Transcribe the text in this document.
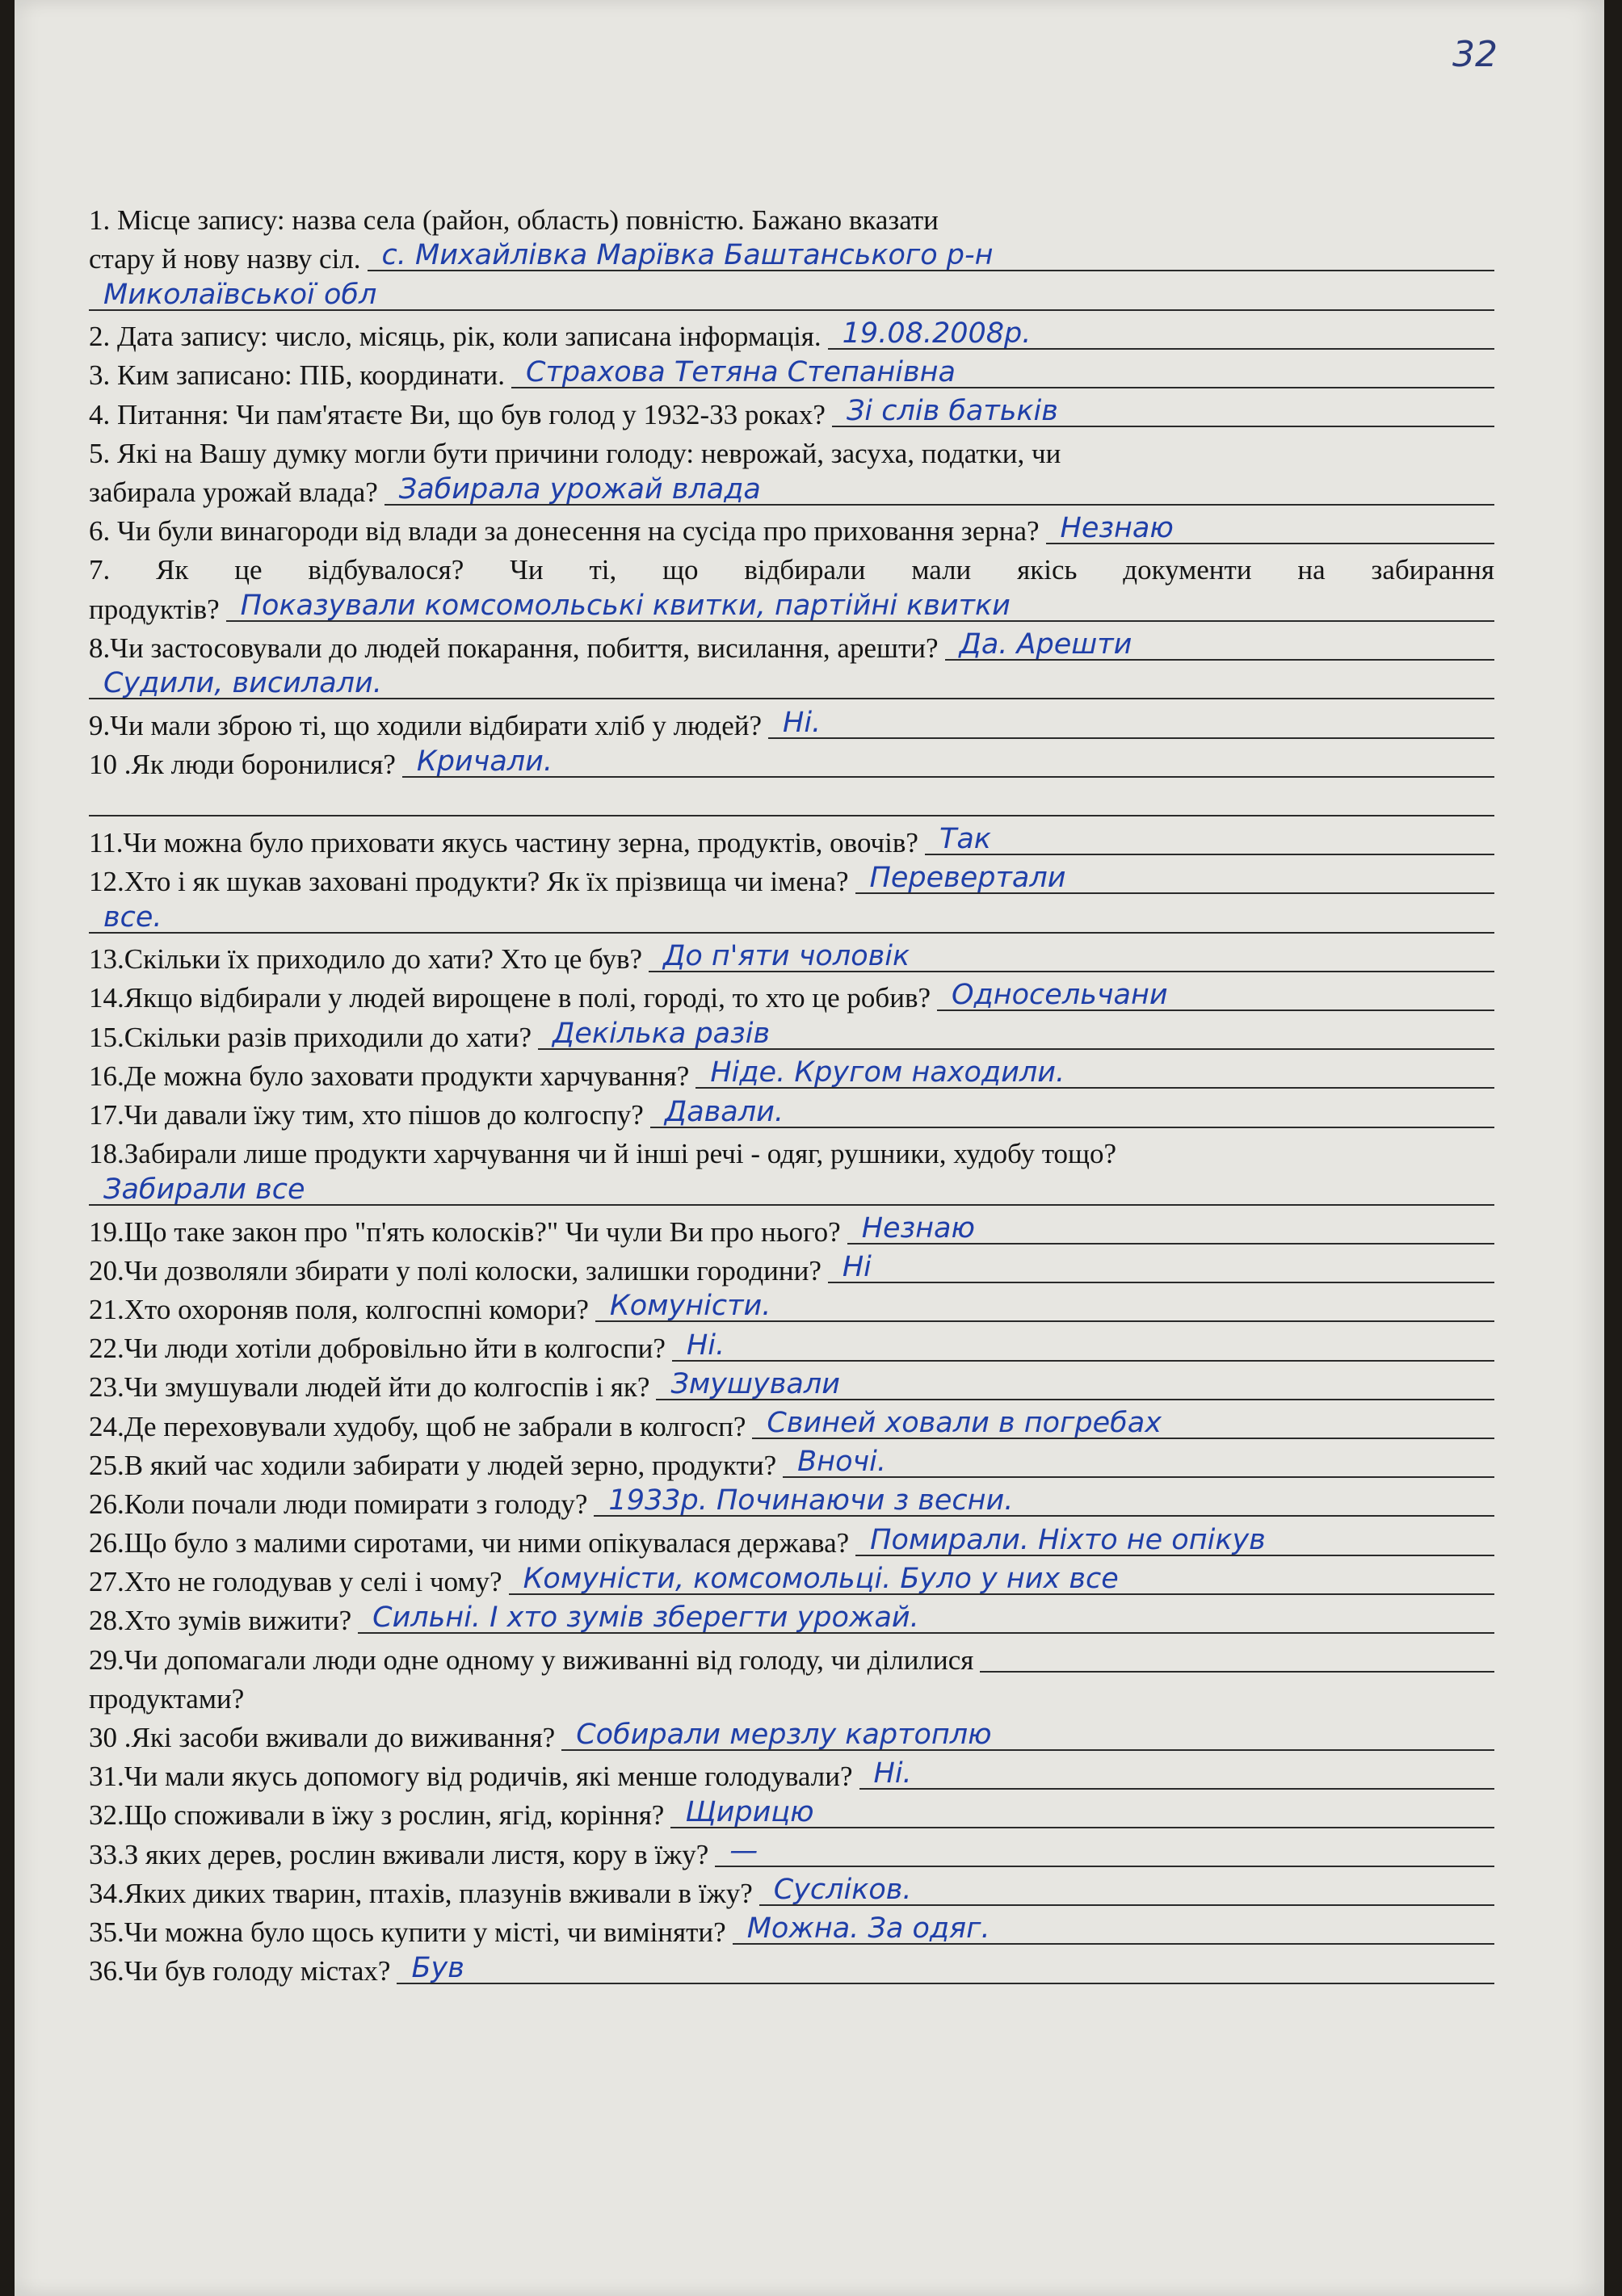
32
1. Місце запису: назва села (район, область) повністю. Бажано вказати
стару й нову назву сіл. с. Михайлівка Марївка Баштанського р-н
Миколаївської обл
2. Дата запису: число, місяць, рік, коли записана інформація. 19.08.2008р.
3. Ким записано: ПІБ, координати. Страхова Тетяна Степанівна
4. Питання: Чи пам'ятаєте Ви, що був голод у 1932-33 роках? Зі слів батьків
5. Які на Вашу думку могли бути причини голоду: неврожай, засуха, податки, чи
забирала урожай влада? Забирала урожай влада
6. Чи були винагороди від влади за донесення на сусіда про приховання зерна? Незнаю
7. Як це відбувалося? Чи ті, що відбирали мали якісь документи на забирання
продуктів? Показували комсомольські квитки, партійні квитки
8.Чи застосовували до людей покарання, побиття, висилання, арешти? Да. Арешти
Судили, висилали.
9.Чи мали зброю ті, що ходили відбирати хліб у людей? Ні.
10 .Як люди боронилися? Кричали.
11.Чи можна було приховати якусь частину зерна, продуктів, овочів? Так
12.Хто і як шукав заховані продукти? Як їх прізвища чи імена? Перевертали
все.
13.Скільки їх приходило до хати? Хто це був? До п'яти чоловік
14.Якщо відбирали у людей вирощене в полі, городі, то хто це робив? Односельчани
15.Скільки разів приходили до хати? Декілька разів
16.Де можна було заховати продукти харчування? Ніде. Кругом находили.
17.Чи давали їжу тим, хто пішов до колгоспу? Давали.
18.Забирали лише продукти харчування чи й інші речі - одяг, рушники, худобу тощо?
Забирали все
19.Що таке закон про "п'ять колосків?" Чи чули Ви про нього? Незнаю
20.Чи дозволяли збирати у полі колоски, залишки городини? Ні
21.Хто охороняв поля, колгоспні комори? Комуністи.
22.Чи люди хотіли добровільно йти в колгоспи? Ні.
23.Чи змушували людей йти до колгоспів і як? Змушували
24.Де переховували худобу, щоб не забрали в колгосп? Свиней ховали в погребах
25.В який час ходили забирати у людей зерно, продукти? Вночі.
26.Коли почали люди помирати з голоду? 1933р. Починаючи з весни.
26.Що було з малими сиротами, чи ними опікувалася держава? Помирали. Ніхто не опікув
27.Хто не голодував у селі і чому? Комуністи, комсомольці. Було у них все
28.Хто зумів вижити? Сильні. І хто зумів зберегти урожай.
29.Чи допомагали люди одне одному у виживанні від голоду, чи ділилися
продуктами?
30 .Які засоби вживали до виживання? Собирали мерзлу картоплю
31.Чи мали якусь допомогу від родичів, які менше голодували? Ні.
32.Що споживали в їжу з рослин, ягід, коріння? Щирицю
33.З яких дерев, рослин вживали листя, кору в їжу? —
34.Яких диких тварин, птахів, плазунів вживали в їжу? Сусліков.
35.Чи можна було щось купити у місті, чи виміняти? Можна. За одяг.
36.Чи був голоду містах? Був
